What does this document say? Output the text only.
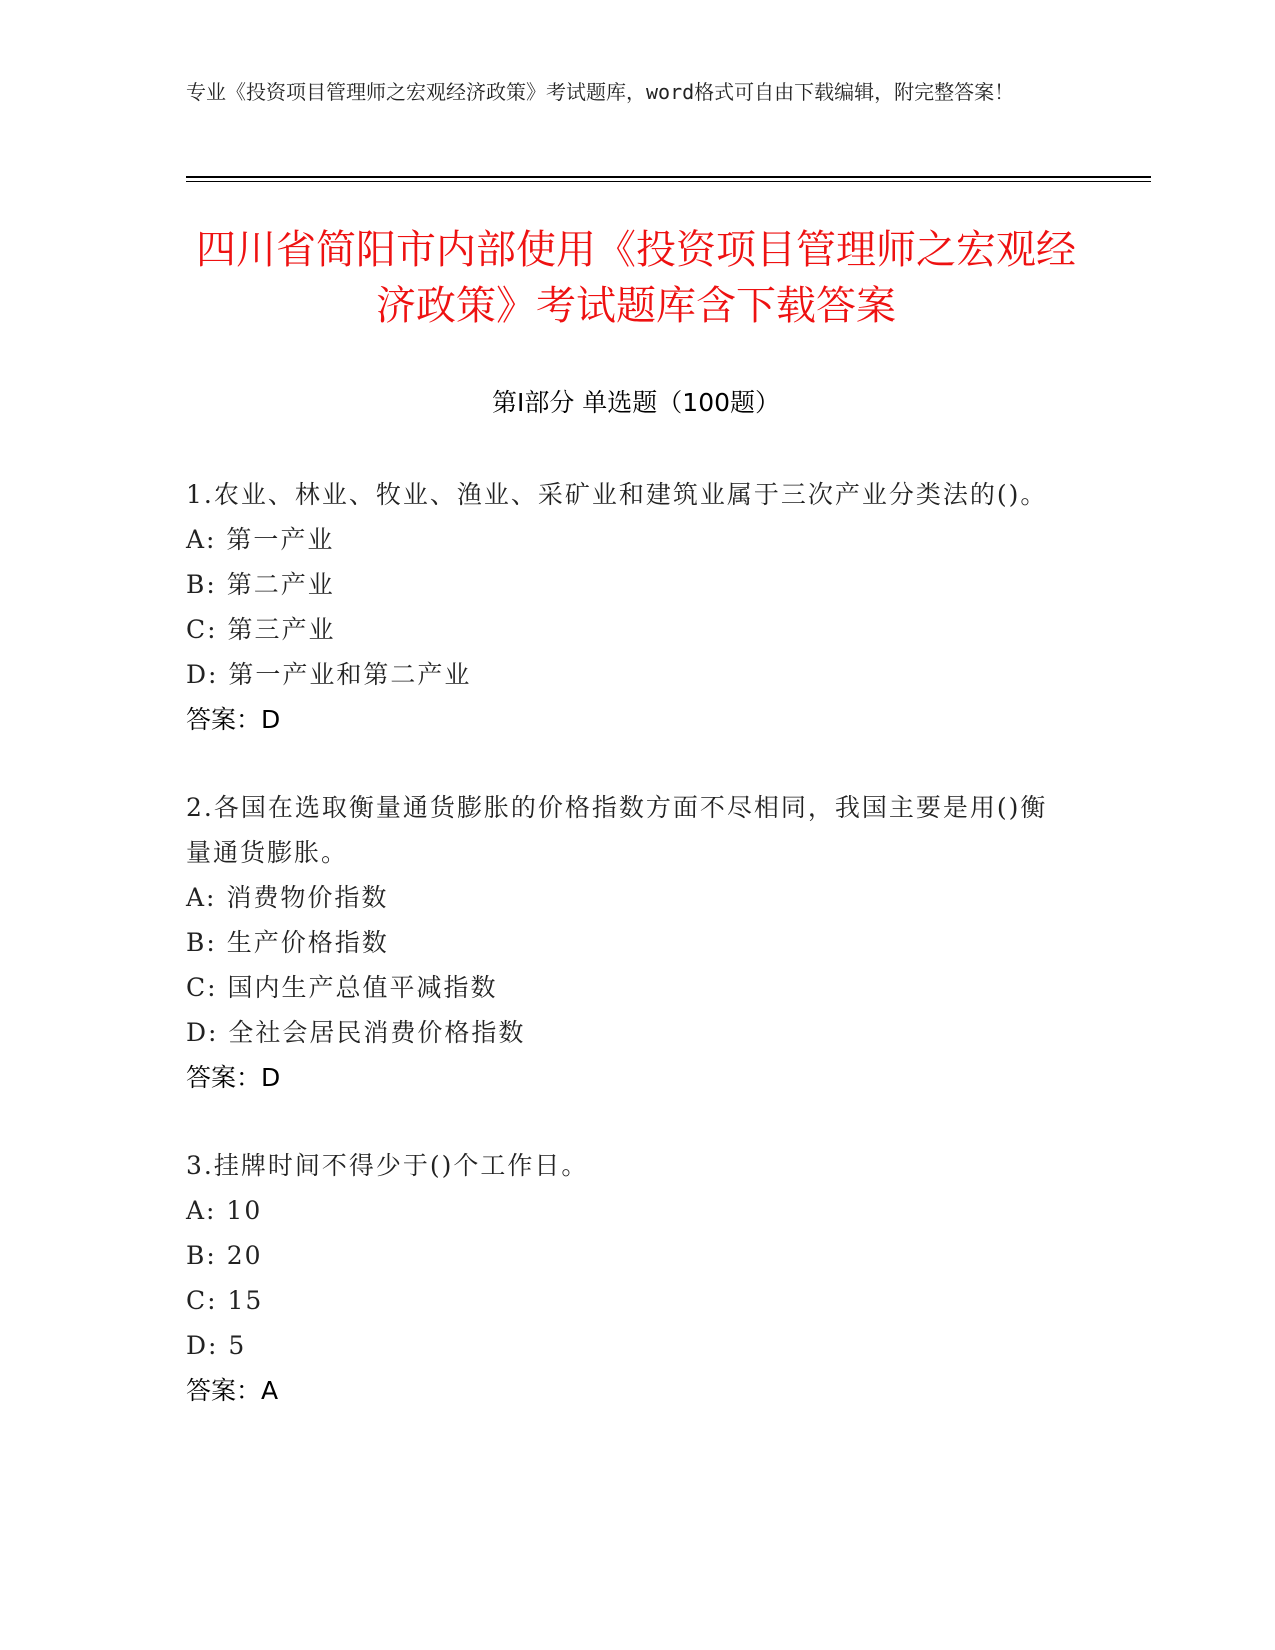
专业《投资项目管理师之宏观经济政策》考试题库，word格式可自由下载编辑，附完整答案！
四川省简阳市内部使用《投资项目管理师之宏观经济政策》考试题库含下载答案
第Ⅰ部分 单选题（100题）
1.农业、林业、牧业、渔业、采矿业和建筑业属于三次产业分类法的()。
A: 第一产业
B: 第二产业
C: 第三产业
D: 第一产业和第二产业
答案：D
2.各国在选取衡量通货膨胀的价格指数方面不尽相同，我国主要是用()衡量通货膨胀。
A: 消费物价指数
B: 生产价格指数
C: 国内生产总值平减指数
D: 全社会居民消费价格指数
答案：D
3.挂牌时间不得少于()个工作日。
A: 10
B: 20
C: 15
D: 5
答案：A
